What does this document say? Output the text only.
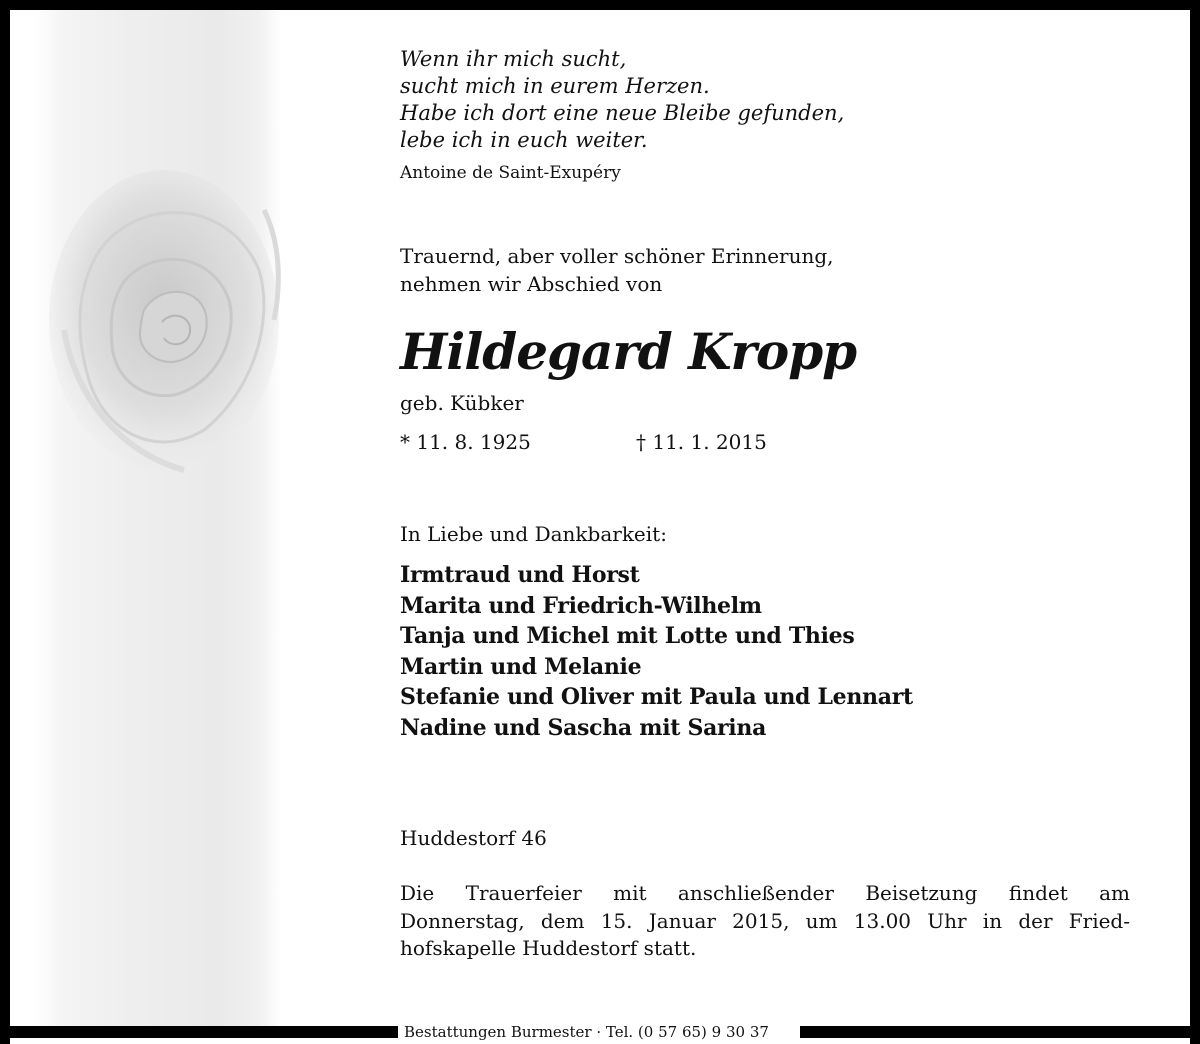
Wenn ihr mich sucht,
sucht mich in eurem Herzen.
Habe ich dort eine neue Bleibe gefunden,
lebe ich in euch weiter.
Antoine de Saint-Exupéry
Trauernd, aber voller schöner Erinnerung,
nehmen wir Abschied von
Hildegard Kropp
geb. Kübker
* 11. 8. 1925	† 11. 1. 2015
In Liebe und Dankbarkeit:
Irmtraud und Horst
Marita und Friedrich-Wilhelm
Tanja und Michel mit Lotte und Thies
Martin und Melanie
Stefanie und Oliver mit Paula und Lennart
Nadine und Sascha mit Sarina
Huddestorf 46
Die Trauerfeier mit anschließender Beisetzung findet am
Donnerstag, dem 15. Januar 2015, um 13.00 Uhr in der Fried-
hofskapelle Huddestorf statt.
Bestattungen Burmester · Tel. (0 57 65) 9 30 37
